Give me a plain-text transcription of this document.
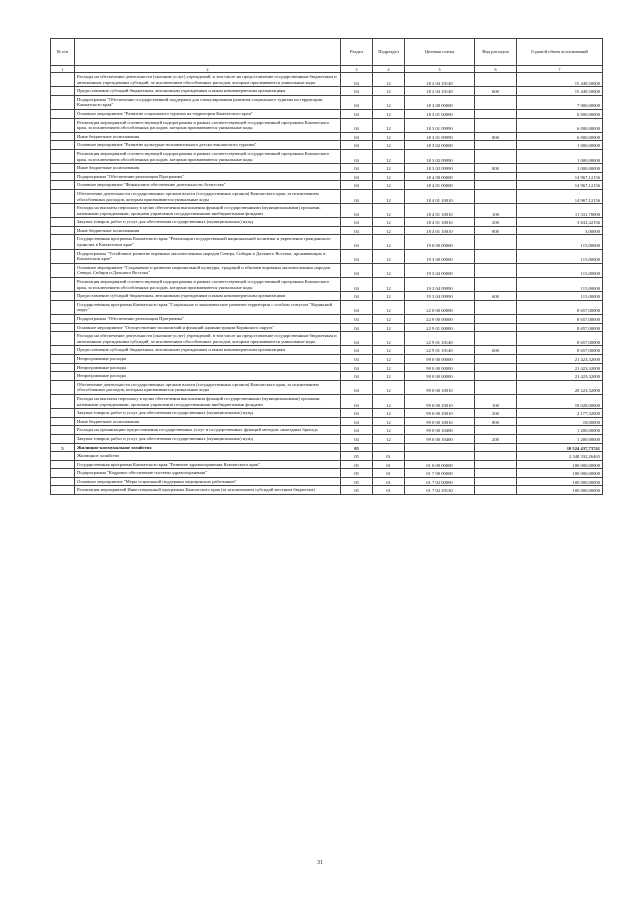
№ п/п		Раздел	Подраздел	Целевая статья	Вид расходов	Годовой объем ассигнований
1	2	3	4	5	6	7
	Расходы на обеспечение деятельности (оказание услуг) учреждений, в том числе на предоставление государственным бюджетным и автономным учреждениям субсидий, за исключением обособленных расходов, которым присваиваются уникальные коды	04	12	18 2 04 10140		15 449,50000
	Предоставление субсидий бюджетным, автономным учреждениям и иным некоммерческим организациям	04	12	18 2 04 10140	600	15 449,50000
	Подпрограмма "Обеспечение государственной поддержки для стимулирования развития социального туризма на территории Камчатского края"	04	12	18 3 00 00000		7 000,00000
	Основное мероприятие "Развитие социального туризма на территории Камчатского края"	04	12	18 3 01 00000		6 000,00000
	Реализация мероприятий соответствующей подпрограммы в рамках соответствующей государственной программы Камчатского края, за исключением обособленных расходов, которым присваиваются уникальные коды	04	12	18 3 01 09990		6 000,00000
	Иные бюджетные ассигнования	04	12	18 3 01 09990	800	6 000,00000
	Основное мероприятие "Развитие культурно-познавательного детско-юношеского туризма"	04	12	18 3 02 00000		1 000,00000
	Реализация мероприятий соответствующей подпрограммы в рамках соответствующей государственной программы Камчатского края, за исключением обособленных расходов, которым присваиваются уникальные коды	04	12	18 3 02 09990		1 000,00000
	Иные бюджетные ассигнования	04	12	18 3 02 09990	800	1 000,00000
	Подпрограмма "Обеспечение реализации Программы"	04	12	18 4 00 00000		14 967,12156
	Основное мероприятие "Финансовое обеспечение деятельности Агентства"	04	12	18 4 01 00000		14 967,12156
	Обеспечение деятельности государственных органов власти (государственных органов) Камчатского края, за исключением обособленных расходов, которым присваиваются уникальные коды	04	12	18 4 01 10010		14 967,12156
	Расходы на выплаты персоналу в целях обеспечения выполнения функций государственными (муниципальными) органами, казенными учреждениями, органами управления государственными внебюджетными фондами	04	12	18 4 01 10010	100	11 331,70000
	Закупка товаров, работ и услуг для обеспечения государственных (муниципальных) нужд	04	12	18 4 01 10010	200	3 632,42156
	Иные бюджетные ассигнования	04	12	18 4 01 10010	800	3,00000
	Государственная программа Камчатского края "Реализация государственной национальной политики и укрепление гражданского единства в Камчатском крае"	04	12	19 0 00 00000		115,00000
	Подпрограмма "Устойчивое развитие коренных малочисленных народов Севера, Сибири и Дальнего Востока, проживающих в Камчатском крае"	04	12	19 3 00 00000		115,00000
	Основное мероприятие "Сохранение и развитие национальной культуры, традиций и обычаев коренных малочисленных народов Севера, Сибири и Дальнего Востока"	04	12	19 3 04 00000		115,00000
	Реализация мероприятий соответствующей подпрограммы в рамках соответствующей государственной программы Камчатского края, за исключением обособленных расходов, которым присваиваются уникальные коды	04	12	19 3 04 09990		115,00000
	Предоставление субсидий бюджетным, автономным учреждениям и иным некоммерческим организациям	04	12	19 3 04 09990	600	115,00000
	Государственная программа Камчатского края "Социальное и экономическое развитие территории с особым статусом "Корякский округ"	04	12	22 0 00 00000		8 657,00000
	Подпрограмма "Обеспечение реализации Программы"	04	12	22 9 00 00000		8 657,00000
	Основное мероприятие "Осуществление полномочий и функций администрации Корякского округа"	04	12	22 9 01 00000		8 657,00000
	Расходы на обеспечение деятельности (оказание услуг) учреждений, в том числе на предоставление государственным бюджетным и автономным учреждениям субсидий, за исключением обособленных расходов, которым присваиваются уникальные коды	04	12	22 9 01 10140		8 657,00000
	Предоставление субсидий бюджетным, автономным учреждениям и иным некоммерческим организациям	04	12	22 9 01 10140	600	8 657,00000
	Непрограммные расходы	04	12	99 0 00 00000		21 423,32000
	Непрограммные расходы	04	12	99 0 00 00000		21 423,32000
	Непрограммные расходы	04	12	99 0 00 00000		21 423,32000
	Обеспечение деятельности государственных органов власти (государственных органов) Камчатского края, за исключением обособленных расходов, которым присваиваются уникальные коды	04	12	99 0 00 10010		20 223,32000
	Расходы на выплаты персоналу в целях обеспечения выполнения функций государственными (муниципальными) органами, казенными учреждениями, органами управления государственными внебюджетными фондами	04	12	99 0 00 10010	100	18 028,00000
	Закупка товаров, работ и услуг для обеспечения государственных (муниципальных) нужд	04	12	99 0 00 10010	200	2 177,32000
	Иные бюджетные ассигнования	04	12	99 0 00 10010	800	18,00000
	Расходы на организацию предоставления государственных услуг и государственных функций методом «выездных бригад»	04	12	99 0 00 10400		1 200,00000
	Закупка товаров, работ и услуг для обеспечения государственных (муниципальных) нужд	04	12	99 0 00 10400	200	1 200,00000
5	Жилищно-коммунальное хозяйство	05				10 524 437,73741
	Жилищное хозяйство	05	01			2 348 332,26465
	Государственная программа Камчатского края "Развитие здравоохранения Камчатского края"	05	01	01 0 00 00000		100 000,00000
	Подпрограмма "Кадровое обеспечение системы здравоохранения"	05	01	01 7 00 00000		100 000,00000
	Основное мероприятие "Меры социальной поддержки медицинских работников"	05	01	01 7 02 00000		100 000,00000
	Реализация мероприятий Инвестиционной программы Камчатского края (за исключением субсидий местным бюджетам)	05	01	01 7 02 10130		100 000,00000
31
